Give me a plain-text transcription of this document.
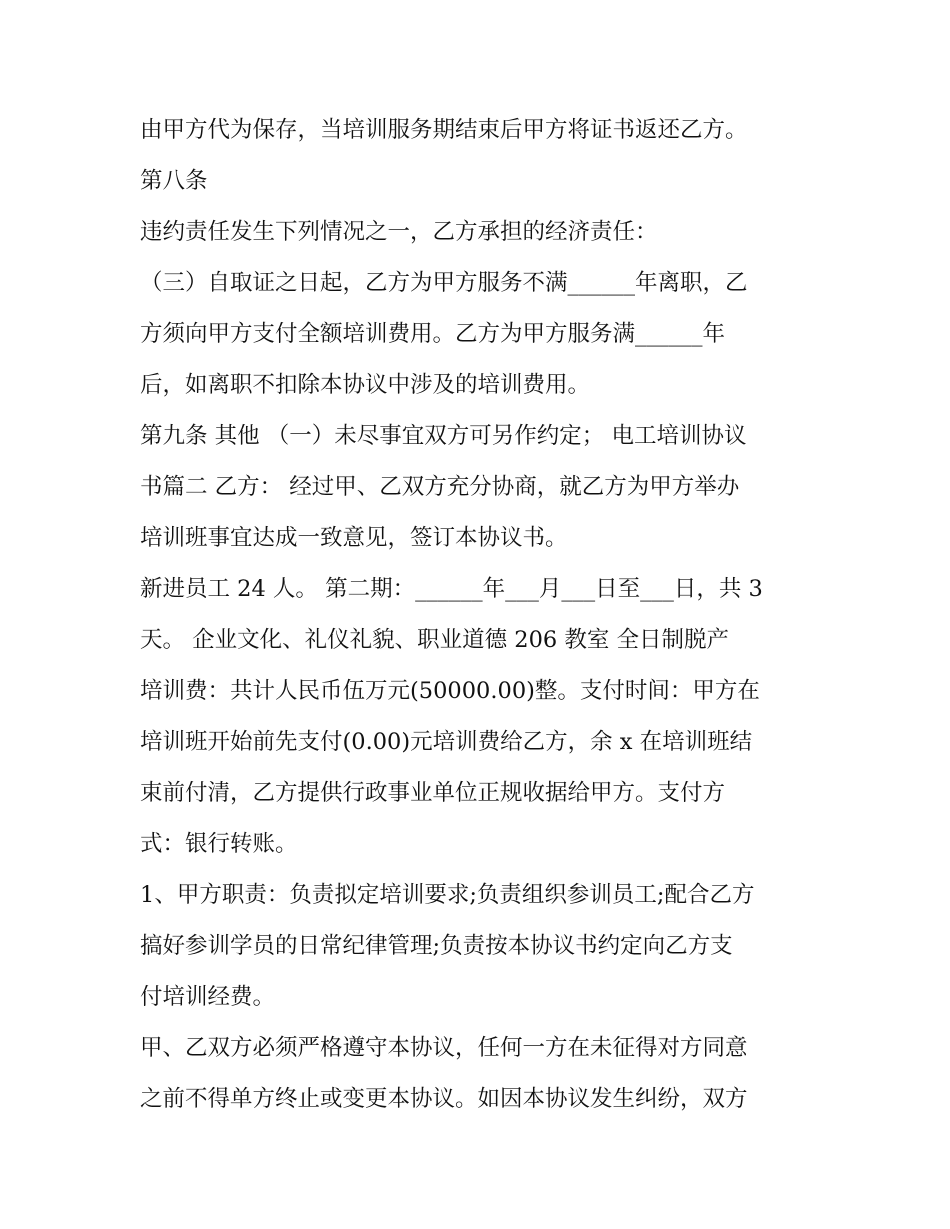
由甲方代为保存，当培训服务期结束后甲方将证书返还乙方。

第八条

违约责任发生下列情况之一，乙方承担的经济责任：

（三）自取证之日起，乙方为甲方服务不满______年离职，乙

方须向甲方支付全额培训费用。乙方为甲方服务满______年

后，如离职不扣除本协议中涉及的培训费用。

第九条 其他 （一）未尽事宜双方可另作约定； 电工培训协议

书篇二 乙方： 经过甲、乙双方充分协商，就乙方为甲方举办

培训班事宜达成一致意见，签订本协议书。

新进员工 24 人。 第二期：______年___月___日至___日，共 3

天。 企业文化、礼仪礼貌、职业道德 206 教室 全日制脱产

培训费：共计人民币伍万元(50000.00)整。支付时间：甲方在

培训班开始前先支付(0.00)元培训费给乙方，余 x 在培训班结

束前付清，乙方提供行政事业单位正规收据给甲方。支付方

式：银行转账。

1、甲方职责：负责拟定培训要求;负责组织参训员工;配合乙方

搞好参训学员的日常纪律管理;负责按本协议书约定向乙方支

付培训经费。

甲、乙双方必须严格遵守本协议，任何一方在未征得对方同意

之前不得单方终止或变更本协议。如因本协议发生纠纷，双方
